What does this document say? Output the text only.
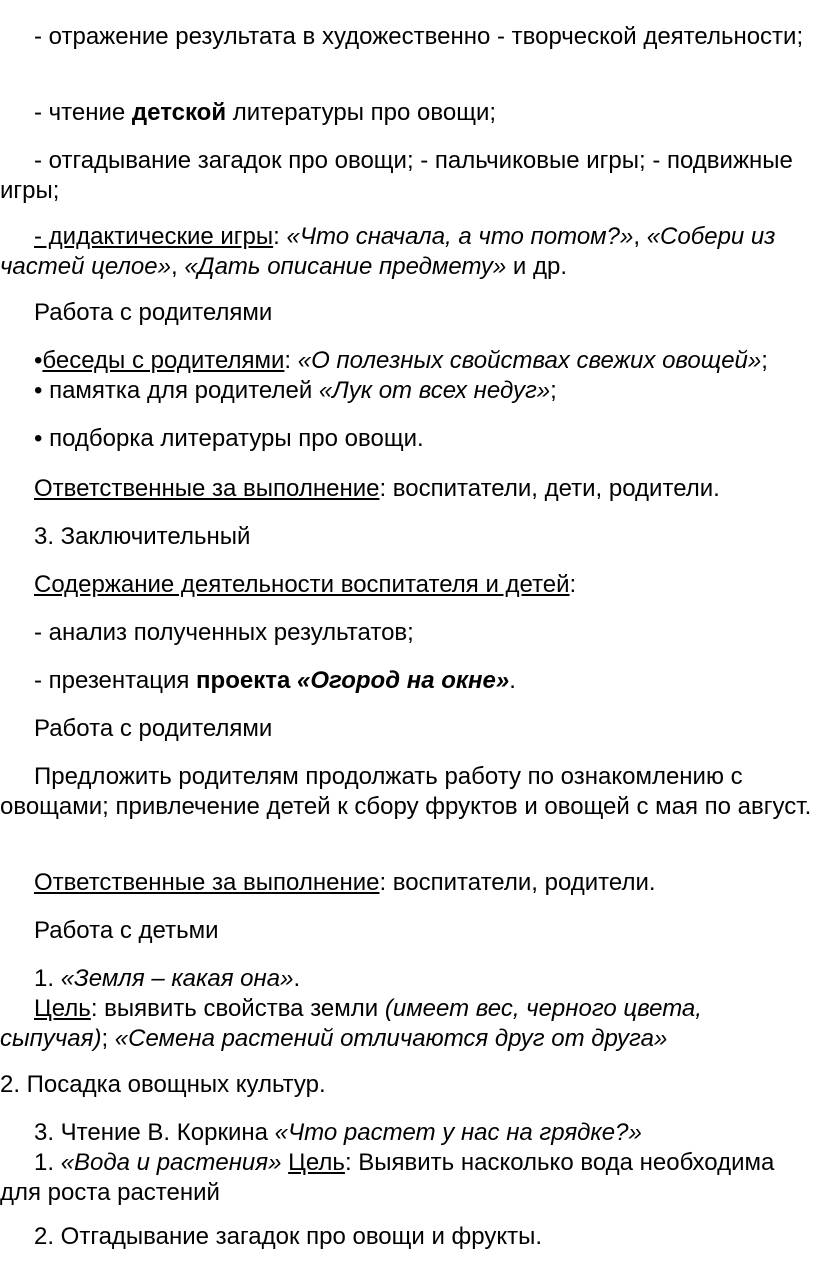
- отражение результата в художественно - творческой деятельности;

- чтение детской литературы про овощи;

- отгадывание загадок про овощи; - пальчиковые игры; - подвижные игры;

- дидактические игры: «Что сначала, а что потом?», «Собери из частей целое», «Дать описание предмету» и др.

Работа с родителями

•беседы с родителями: «О полезных свойствах свежих овощей»;
• памятка для родителей «Лук от всех недуг»;

• подборка литературы про овощи.

Ответственные за выполнение: воспитатели, дети, родители.

3. Заключительный

Содержание деятельности воспитателя и детей:

- анализ полученных результатов;

- презентация проекта «Огород на окне».

Работа с родителями

Предложить родителям продолжать работу по ознакомлению с овощами; привлечение детей к сбору фруктов и овощей с мая по август.

Ответственные за выполнение: воспитатели, родители.

Работа с детьми

1. «Земля – какая она».
Цель: выявить свойства земли (имеет вес, черного цвета, сыпучая); «Семена растений отличаются друг от друга»

2. Посадка овощных культур.

3. Чтение В. Коркина «Что растет у нас на грядке?»
1. «Вода и растения» Цель: Выявить насколько вода необходима для роста растений

2. Отгадывание загадок про овощи и фрукты.
